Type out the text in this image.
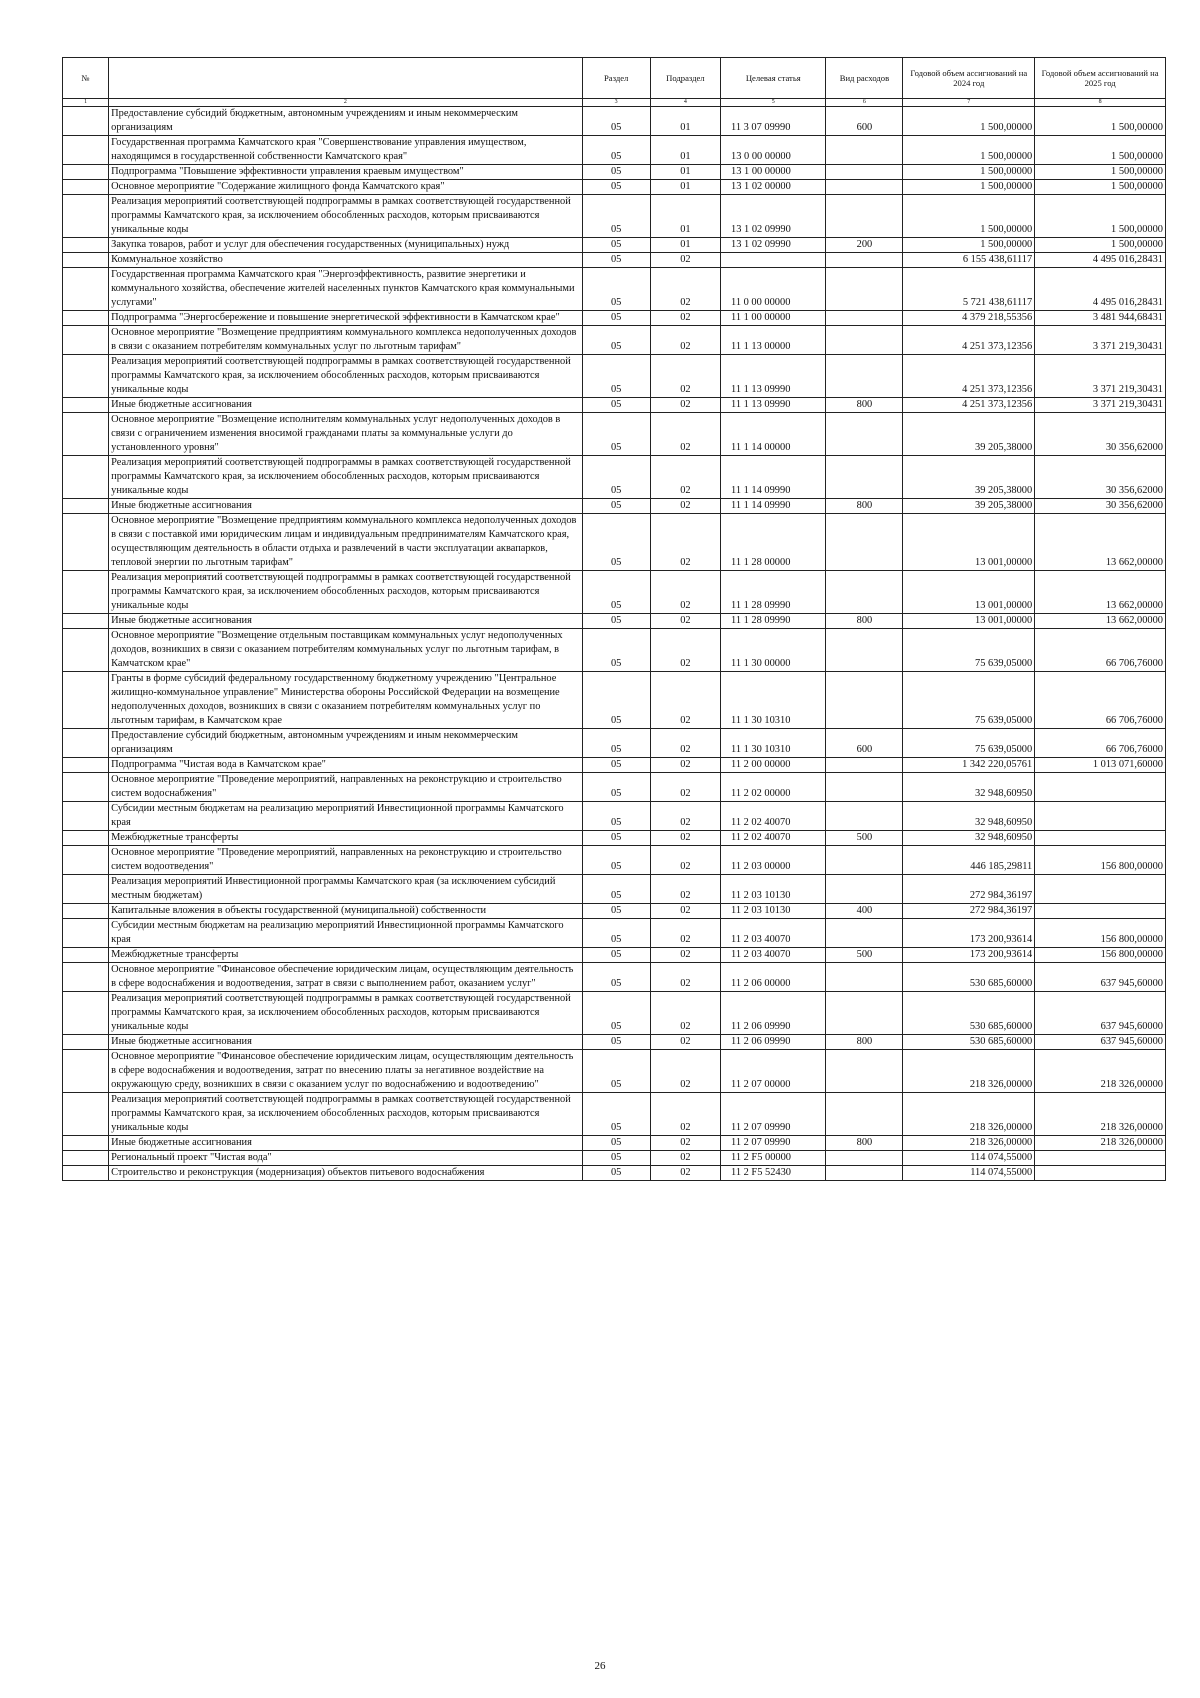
№		Раздел	Подраздел	Целевая статья	Вид расходов	Годовой объем ассигнований на 2024 год	Годовой объем ассигнований на 2025 год
1	2	3	4	5	6	7	8
	Предоставление субсидий бюджетным, автономным учреждениям и иным некоммерческим организациям	05	01	11 3 07 09990	600	1 500,00000	1 500,00000
	Государственная программа Камчатского края "Совершенствование управления имуществом, находящимся в государственной собственности Камчатского края"	05	01	13 0 00 00000		1 500,00000	1 500,00000
	Подпрограмма "Повышение эффективности управления краевым имуществом"	05	01	13 1 00 00000		1 500,00000	1 500,00000
	Основное мероприятие "Содержание жилищного фонда Камчатского края"	05	01	13 1 02 00000		1 500,00000	1 500,00000
	Реализация мероприятий соответствующей подпрограммы в рамках соответствующей государственной программы Камчатского края, за исключением обособленных расходов, которым присваиваются уникальные коды	05	01	13 1 02 09990		1 500,00000	1 500,00000
	Закупка товаров, работ и услуг для обеспечения государственных (муниципальных) нужд	05	01	13 1 02 09990	200	1 500,00000	1 500,00000
	Коммунальное хозяйство	05	02			6 155 438,61117	4 495 016,28431
	Государственная программа Камчатского края "Энергоэффективность, развитие энергетики и коммунального хозяйства, обеспечение жителей населенных пунктов Камчатского края коммунальными услугами"	05	02	11 0 00 00000		5 721 438,61117	4 495 016,28431
	Подпрограмма "Энергосбережение и повышение энергетической эффективности в Камчатском крае"	05	02	11 1 00 00000		4 379 218,55356	3 481 944,68431
	Основное мероприятие "Возмещение предприятиям коммунального комплекса недополученных доходов в связи с оказанием потребителям коммунальных услуг по льготным тарифам"	05	02	11 1 13 00000		4 251 373,12356	3 371 219,30431
	Реализация мероприятий соответствующей подпрограммы в рамках соответствующей государственной программы Камчатского края, за исключением обособленных расходов, которым присваиваются уникальные коды	05	02	11 1 13 09990		4 251 373,12356	3 371 219,30431
	Иные бюджетные ассигнования	05	02	11 1 13 09990	800	4 251 373,12356	3 371 219,30431
	Основное мероприятие "Возмещение исполнителям коммунальных услуг недополученных доходов в связи с ограничением изменения вносимой гражданами платы за коммунальные услуги до установленного уровня"	05	02	11 1 14 00000		39 205,38000	30 356,62000
	Реализация мероприятий соответствующей подпрограммы в рамках соответствующей государственной программы Камчатского края, за исключением обособленных расходов, которым присваиваются уникальные коды	05	02	11 1 14 09990		39 205,38000	30 356,62000
	Иные бюджетные ассигнования	05	02	11 1 14 09990	800	39 205,38000	30 356,62000
	Основное мероприятие "Возмещение предприятиям коммунального комплекса недополученных доходов в связи с поставкой ими юридическим лицам и индивидуальным предпринимателям Камчатского края, осуществляющим деятельность в области отдыха и развлечений в части эксплуатации аквапарков, тепловой энергии по льготным тарифам"	05	02	11 1 28 00000		13 001,00000	13 662,00000
	Реализация мероприятий соответствующей подпрограммы в рамках соответствующей государственной программы Камчатского края, за исключением обособленных расходов, которым присваиваются уникальные коды	05	02	11 1 28 09990		13 001,00000	13 662,00000
	Иные бюджетные ассигнования	05	02	11 1 28 09990	800	13 001,00000	13 662,00000
	Основное мероприятие "Возмещение отдельным поставщикам коммунальных услуг недополученных доходов, возникших в связи с оказанием потребителям коммунальных услуг по льготным тарифам, в Камчатском крае"	05	02	11 1 30 00000		75 639,05000	66 706,76000
	Гранты в форме субсидий федеральному государственному бюджетному учреждению "Центральное жилищно-коммунальное управление" Министерства обороны Российской Федерации на возмещение недополученных доходов, возникших в связи с оказанием потребителям коммунальных услуг по льготным тарифам, в Камчатском крае	05	02	11 1 30 10310		75 639,05000	66 706,76000
	Предоставление субсидий бюджетным, автономным учреждениям и иным некоммерческим организациям	05	02	11 1 30 10310	600	75 639,05000	66 706,76000
	Подпрограмма "Чистая вода в Камчатском крае"	05	02	11 2 00 00000		1 342 220,05761	1 013 071,60000
	Основное мероприятие "Проведение мероприятий, направленных на реконструкцию и строительство систем водоснабжения"	05	02	11 2 02 00000		32 948,60950	
	Субсидии местным бюджетам на реализацию мероприятий Инвестиционной программы Камчатского края	05	02	11 2 02 40070		32 948,60950	
	Межбюджетные трансферты	05	02	11 2 02 40070	500	32 948,60950	
	Основное мероприятие "Проведение мероприятий, направленных на реконструкцию и строительство систем водоотведения"	05	02	11 2 03 00000		446 185,29811	156 800,00000
	Реализация мероприятий Инвестиционной программы Камчатского края (за исключением субсидий местным бюджетам)	05	02	11 2 03 10130		272 984,36197	
	Капитальные вложения в объекты государственной (муниципальной) собственности	05	02	11 2 03 10130	400	272 984,36197	
	Субсидии местным бюджетам на реализацию мероприятий Инвестиционной программы Камчатского края	05	02	11 2 03 40070		173 200,93614	156 800,00000
	Межбюджетные трансферты	05	02	11 2 03 40070	500	173 200,93614	156 800,00000
	Основное мероприятие "Финансовое обеспечение юридическим лицам, осуществляющим деятельность в сфере водоснабжения и водоотведения, затрат в связи с выполнением работ, оказанием услуг"	05	02	11 2 06 00000		530 685,60000	637 945,60000
	Реализация мероприятий соответствующей подпрограммы в рамках соответствующей государственной программы Камчатского края, за исключением обособленных расходов, которым присваиваются уникальные коды	05	02	11 2 06 09990		530 685,60000	637 945,60000
	Иные бюджетные ассигнования	05	02	11 2 06 09990	800	530 685,60000	637 945,60000
	Основное мероприятие "Финансовое обеспечение юридическим лицам, осуществляющим деятельность в сфере водоснабжения и водоотведения, затрат по внесению платы за негативное воздействие на окружающую среду, возникших в связи с оказанием услуг по водоснабжению и водоотведению"	05	02	11 2 07 00000		218 326,00000	218 326,00000
	Реализация мероприятий соответствующей подпрограммы в рамках соответствующей государственной программы Камчатского края, за исключением обособленных расходов, которым присваиваются уникальные коды	05	02	11 2 07 09990		218 326,00000	218 326,00000
	Иные бюджетные ассигнования	05	02	11 2 07 09990	800	218 326,00000	218 326,00000
	Региональный проект "Чистая вода"	05	02	11 2 F5 00000		114 074,55000	
	Строительство и реконструкция (модернизация) объектов питьевого водоснабжения	05	02	11 2 F5 52430		114 074,55000	
26
